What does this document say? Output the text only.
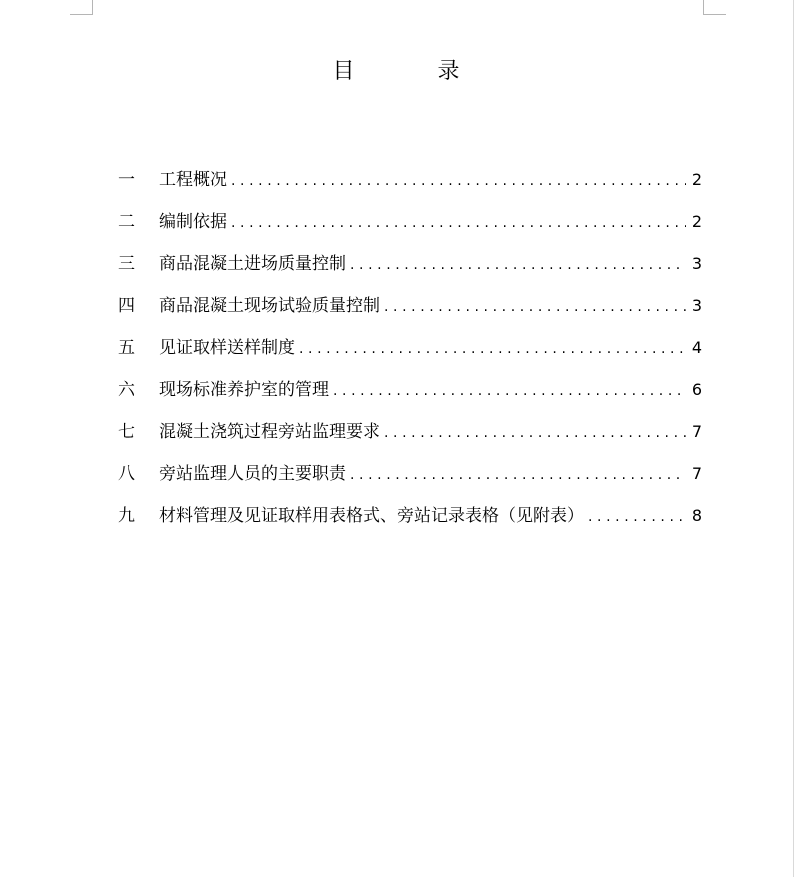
目         录
一	工程概况 .....	2
二	编制依据 .....	2
三	商品混凝土进场质量控制 .....	3
四	商品混凝土现场试验质量控制 .....	3
五	见证取样送样制度 .....	4
六	现场标准养护室的管理 .....	6
七	混凝土浇筑过程旁站监理要求 .....	7
八	旁站监理人员的主要职责 .....	7
九	材料管理及见证取样用表格式、旁站记录表格（见附表） .....	8
